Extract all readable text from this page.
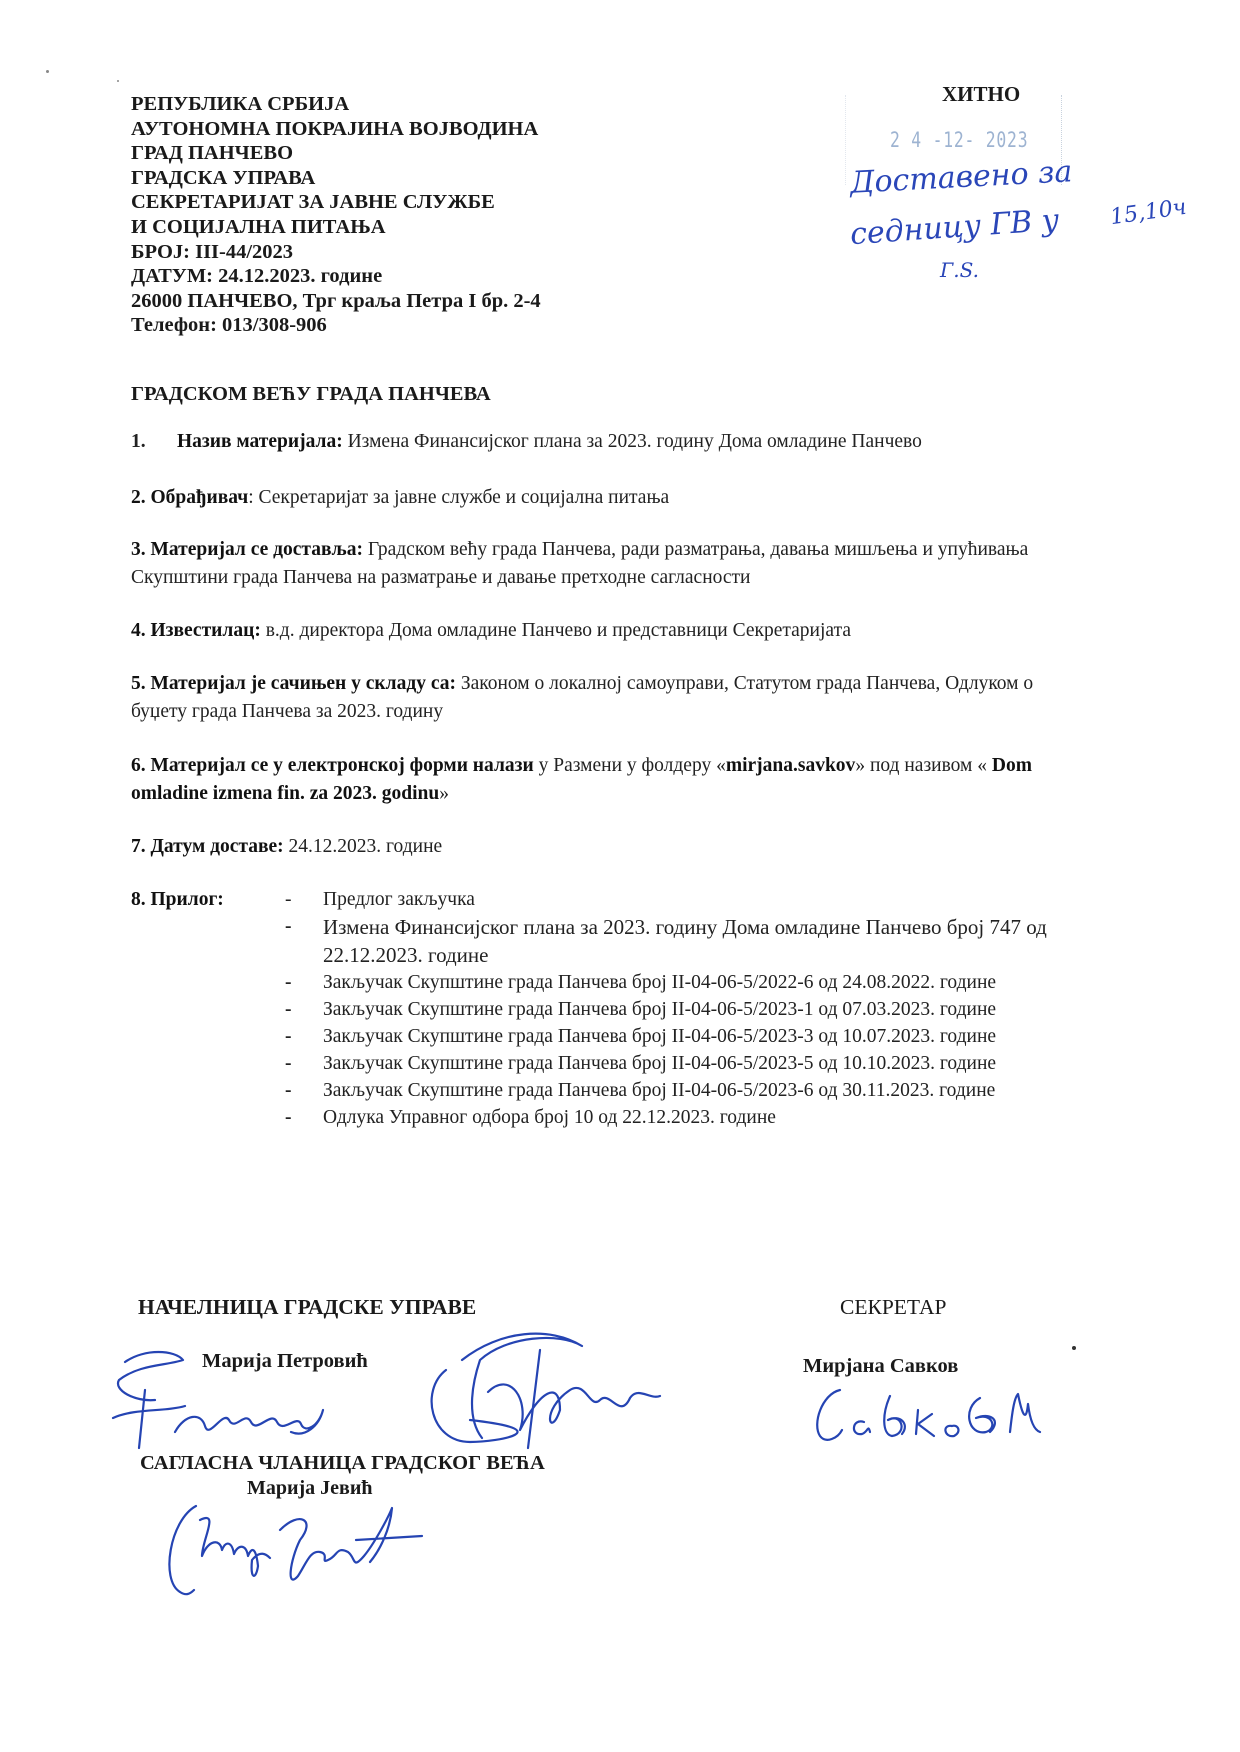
РЕПУБЛИКА СРБИЈА
АУТОНОМНА ПОКРАЈИНА ВОЈВОДИНА
ГРАД ПАНЧЕВО
ГРАДСКА УПРАВА
СЕКРЕТАРИЈАТ ЗА ЈАВНЕ СЛУЖБЕ
И СОЦИЈАЛНА ПИТАЊА
БРОЈ: III-44/2023
ДАТУМ: 24.12.2023. године
26000 ПАНЧЕВО, Трг краља Петра I бр. 2-4
Телефон: 013/308-906
ХИТНО
2 4 -12- 2023
Доставено за
седницу ГВ у 15,10ч
Г.S.
ГРАДСКОМ ВЕЋУ ГРАДА ПАНЧЕВА
1. Назив материјала: Измена Финансијског плана за 2023. годину Дома омладине Панчево
2. Обрађивач: Секретаријат за јавне службе и социјална питања
3. Материјал се доставља: Градском већу града Панчева, ради разматрања, давања мишљења и упућивања Скупштини града Панчева на разматрање и давање претходне сагласности
4. Известилац: в.д. директора Дома омладине Панчево и представници Секретаријата
5. Материјал је сачињен у складу са: Законом о локалној самоуправи, Статутом града Панчева, Одлуком о буџету града Панчева за 2023. годину
6. Материјал се у електронској форми налази у Размени у фолдеру «mirjana.savkov» под називом « Dom omladine izmena fin. za 2023. godinu»
7. Датум доставе: 24.12.2023. године
8. Прилог:	-	Предлог закључка
-	Измена Финансијског плана за 2023. годину Дома омладине Панчево број 747 од 22.12.2023. године
-	Закључак Скупштине града Панчева број II-04-06-5/2022-6 од 24.08.2022. године
-	Закључак Скупштине града Панчева број II-04-06-5/2023-1 од 07.03.2023. године
-	Закључак Скупштине града Панчева број II-04-06-5/2023-3 од 10.07.2023. године
-	Закључак Скупштине града Панчева број II-04-06-5/2023-5 од 10.10.2023. године
-	Закључак Скупштине града Панчева број II-04-06-5/2023-6 од 30.11.2023. године
-	Одлука Управног одбора број 10 од 22.12.2023. године
НАЧЕЛНИЦА ГРАДСКЕ УПРАВЕ
Марија Петровић
СЕКРЕТАР
Мирјана Савков
САГЛАСНА ЧЛАНИЦА ГРАДСКОГ ВЕЋА
Марија Јевић
